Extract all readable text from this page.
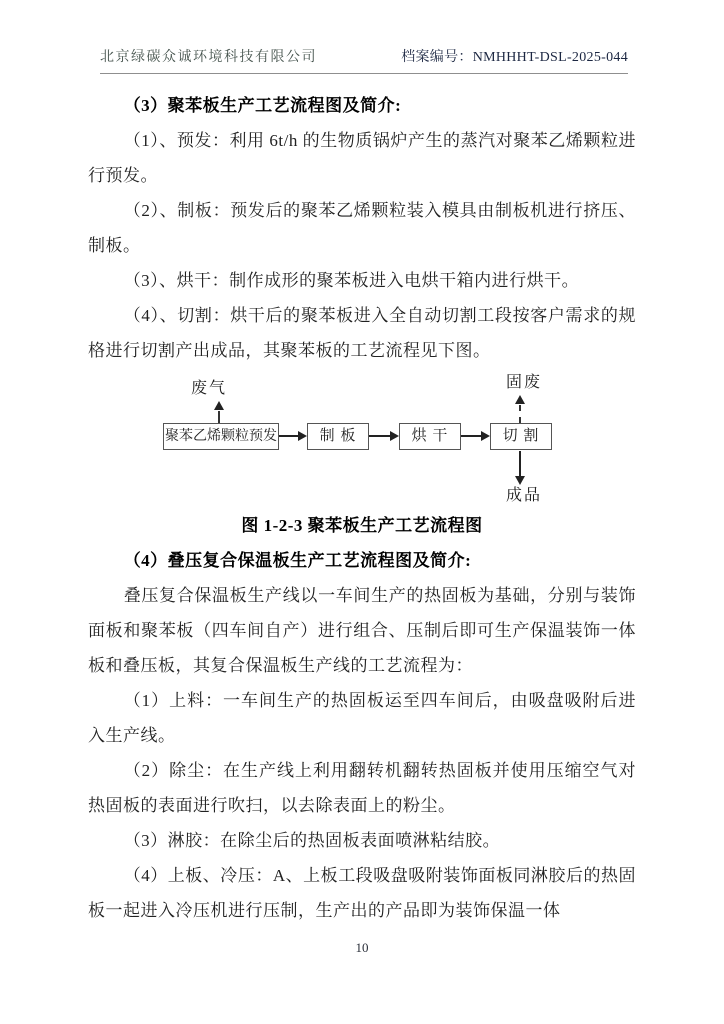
北京绿碳众诚环境科技有限公司	档案编号：NMHHHT-DSL-2025-044

（3）聚苯板生产工艺流程图及简介:

（1）、预发：利用 6t/h 的生物质锅炉产生的蒸汽对聚苯乙烯颗粒进行预发。

（2）、制板：预发后的聚苯乙烯颗粒装入模具由制板机进行挤压、制板。

（3）、烘干：制作成形的聚苯板进入电烘干箱内进行烘干。

（4）、切割：烘干后的聚苯板进入全自动切割工段按客户需求的规格进行切割产出成品，其聚苯板的工艺流程见下图。

废气	固废
聚苯乙烯颗粒预发	制 板	烘 干	切 割
成品

图 1-2-3 聚苯板生产工艺流程图

（4）叠压复合保温板生产工艺流程图及简介:

叠压复合保温板生产线以一车间生产的热固板为基础，分别与装饰面板和聚苯板（四车间自产）进行组合、压制后即可生产保温装饰一体板和叠压板，其复合保温板生产线的工艺流程为：

（1）上料：一车间生产的热固板运至四车间后，由吸盘吸附后进入生产线。

（2）除尘：在生产线上利用翻转机翻转热固板并使用压缩空气对热固板的表面进行吹扫，以去除表面上的粉尘。

（3）淋胶：在除尘后的热固板表面喷淋粘结胶。

（4）上板、冷压：A、上板工段吸盘吸附装饰面板同淋胶后的热固板一起进入冷压机进行压制，生产出的产品即为装饰保温一体

10
